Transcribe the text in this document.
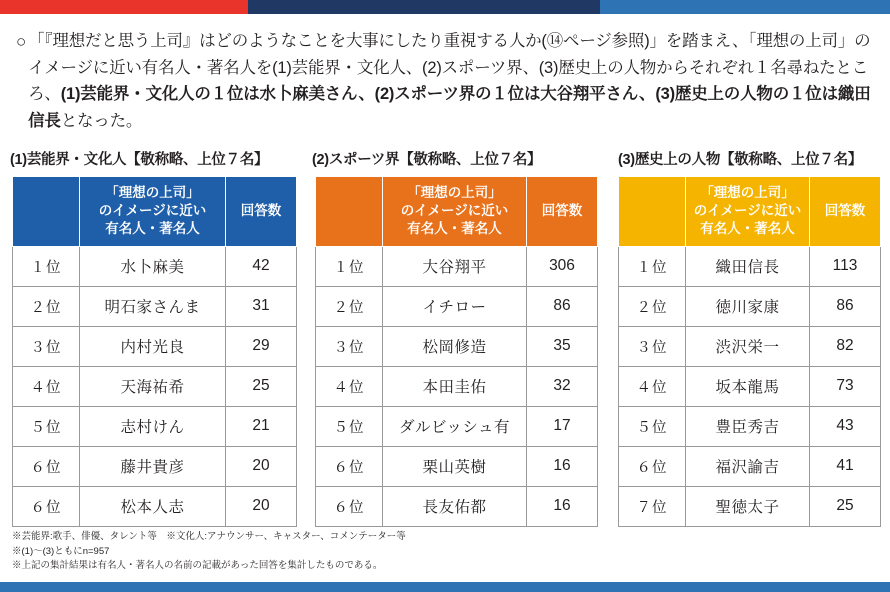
○ 「『理想だと思う上司』はどのようなことを大事にしたり重視する人か(⑭ページ参照)」を踏まえ、「理想の上司」のイメージに近い有名人・著名人を(1)芸能界・文化人、(2)スポーツ界、(3)歴史上の人物からそれぞれ１名尋ねたところ、(1)芸能界・文化人の１位は水卜麻美さん、(2)スポーツ界の１位は大谷翔平さん、(3)歴史上の人物の１位は織田信長となった。
(1)芸能界・文化人【敬称略、上位７名】	(2)スポーツ界【敬称略、上位７名】	(3)歴史上の人物【敬称略、上位７名】
	「理想の上司」
のイメージに近い
有名人・著名人	回答数
１位	水卜麻美	42
２位	明石家さんま	31
３位	内村光良	29
４位	天海祐希	25
５位	志村けん	21
６位	藤井貴彦	20
６位	松本人志	20
	「理想の上司」
のイメージに近い
有名人・著名人	回答数
１位	大谷翔平	306
２位	イチロー	86
３位	松岡修造	35
４位	本田圭佑	32
５位	ダルビッシュ有	17
６位	栗山英樹	16
６位	長友佑都	16
	「理想の上司」
のイメージに近い
有名人・著名人	回答数
１位	織田信長	113
２位	徳川家康	86
３位	渋沢栄一	82
４位	坂本龍馬	73
５位	豊臣秀吉	43
６位	福沢諭吉	41
７位	聖徳太子	25
※芸能界:歌手、俳優、タレント等　※文化人:アナウンサー、キャスター、コメンテーター等
※(1)～(3)ともにn=957
※上記の集計結果は有名人・著名人の名前の記載があった回答を集計したものである。
